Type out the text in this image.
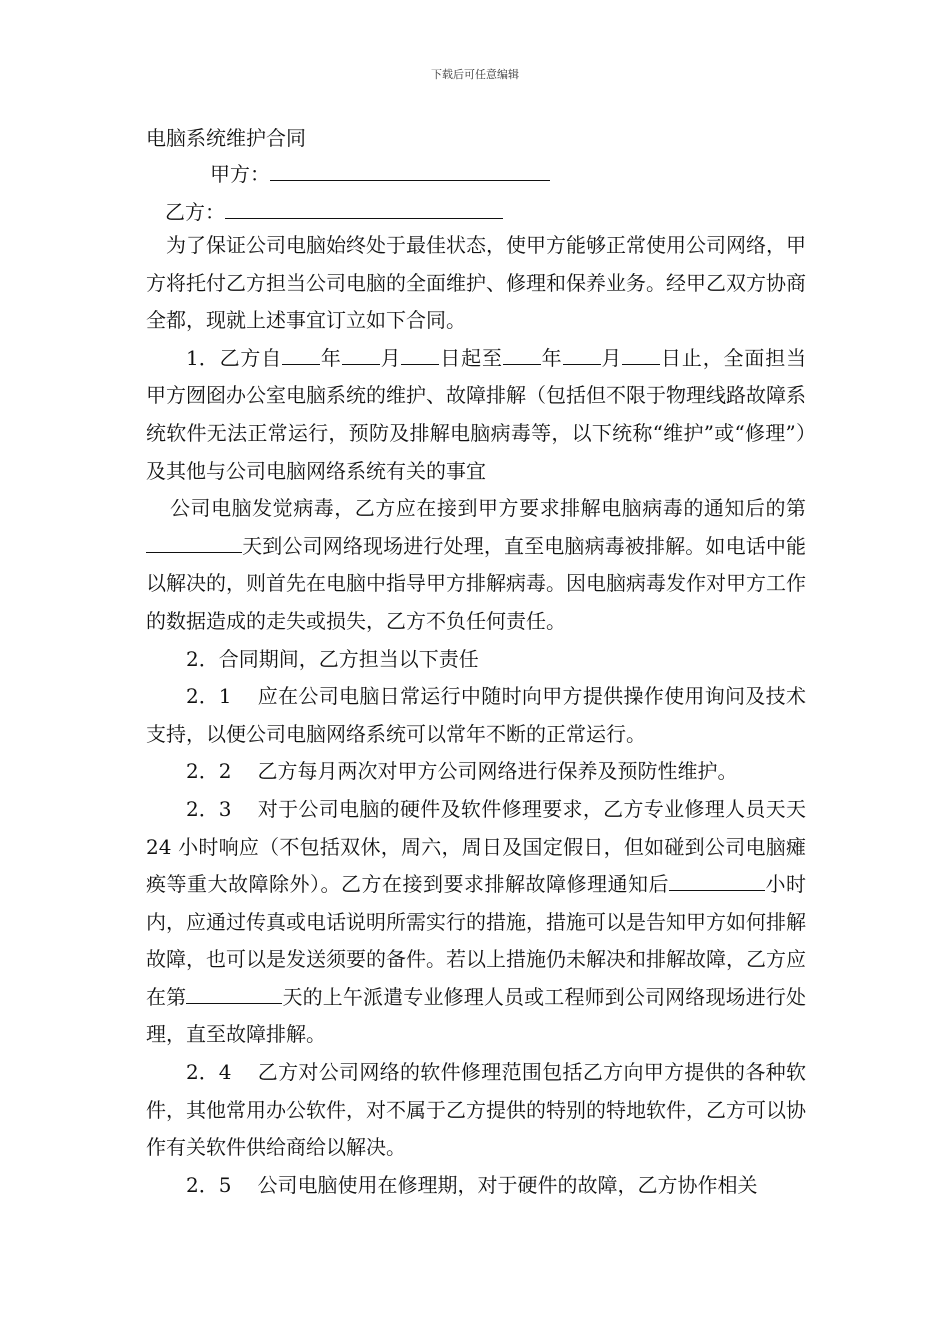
下载后可任意编辑
电脑系统维护合同
甲方：
乙方：

为了保证公司电脑始终处于最佳状态，使甲方能够正常使用公司网络，甲方将托付乙方担当公司电脑的全面维护、修理和保养业务。经甲乙双方协商全都，现就上述事宜订立如下合同。

1．乙方自 年 月 日起至 年 月 日止，全面担当甲方囫囵办公室电脑系统的维护、故障排解（包括但不限于物理线路故障系统软件无法正常运行，预防及排解电脑病毒等，以下统称“维护”或“修理”）及其他与公司电脑网络系统有关的事宜

公司电脑发觉病毒，乙方应在接到甲方要求排解电脑病毒的通知后的第天到公司网络现场进行处理，直至电脑病毒被排解。如电话中能以解决的，则首先在电脑中指导甲方排解病毒。因电脑病毒发作对甲方工作的数据造成的走失或损失，乙方不负任何责任。

2．合同期间，乙方担当以下责任

2．1 应在公司电脑日常运行中随时向甲方提供操作使用询问及技术支持，以便公司电脑网络系统可以常年不断的正常运行。

2．2 乙方每月两次对甲方公司网络进行保养及预防性维护。

2．3 对于公司电脑的硬件及软件修理要求，乙方专业修理人员天天 24 小时响应（不包括双休，周六，周日及国定假日，但如碰到公司电脑瘫痪等重大故障除外）。乙方在接到要求排解故障修理通知后	小时内，应通过传真或电话说明所需实行的措施，措施可以是告知甲方如何排解故障，也可以是发送须要的备件。若以上措施仍未解决和排解故障，乙方应在第	天的上午派遣专业修理人员或工程师到公司网络现场进行处理，直至故障排解。

2．4 乙方对公司网络的软件修理范围包括乙方向甲方提供的各种软件，其他常用办公软件，对不属于乙方提供的特别的特地软件，乙方可以协作有关软件供给商给以解决。

2．5 公司电脑使用在修理期，对于硬件的故障，乙方协作相关
